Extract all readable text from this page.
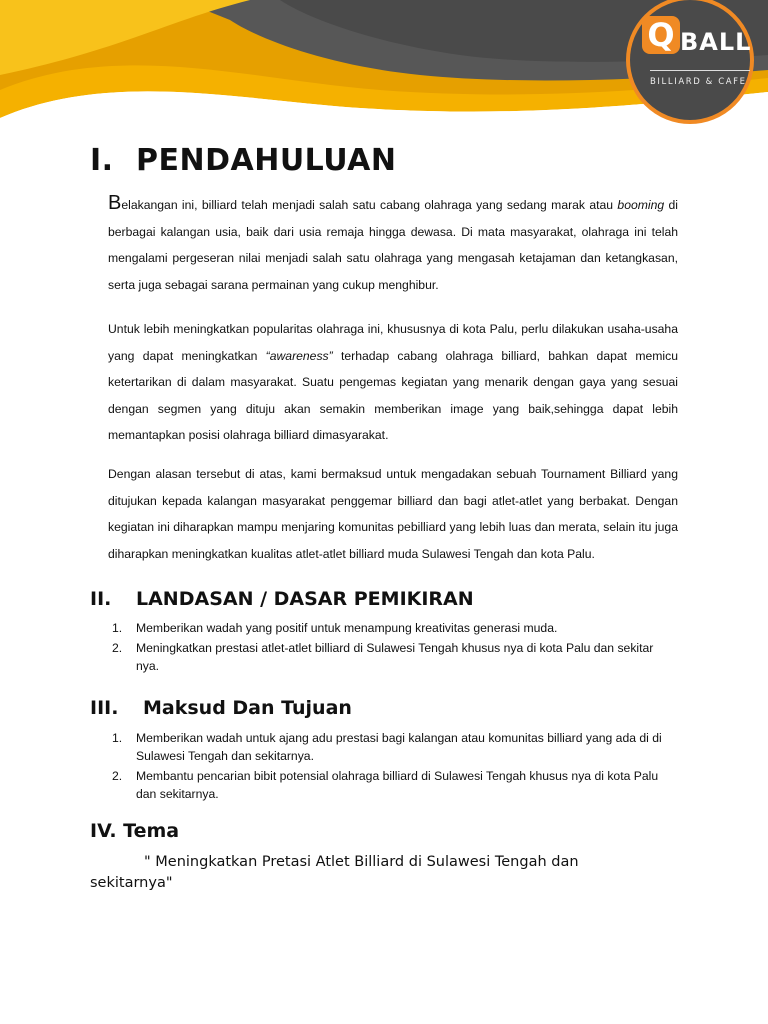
Q BALL
BILLIARD & CAFE
I. PENDAHULUAN
Belakangan ini, billiard telah menjadi salah satu cabang olahraga yang sedang marak atau booming di berbagai kalangan usia, baik dari usia remaja hingga dewasa. Di mata masyarakat, olahraga ini telah mengalami pergeseran nilai menjadi salah satu olahraga yang mengasah ketajaman dan ketangkasan, serta juga sebagai sarana permainan yang cukup menghibur.
Untuk lebih meningkatkan popularitas olahraga ini, khususnya di kota Palu, perlu dilakukan usaha-usaha yang dapat meningkatkan “awareness” terhadap cabang olahraga billiard, bahkan dapat memicu ketertarikan di dalam masyarakat. Suatu pengemas kegiatan yang menarik dengan gaya yang sesuai dengan segmen yang dituju akan semakin memberikan image yang baik,sehingga dapat lebih memantapkan posisi olahraga billiard dimasyarakat.
Dengan alasan tersebut di atas, kami bermaksud untuk mengadakan sebuah Tournament Billiard yang ditujukan kepada kalangan masyarakat penggemar billiard dan bagi atlet-atlet yang berbakat. Dengan kegiatan ini diharapkan mampu menjaring komunitas pebilliard yang lebih luas dan merata, selain itu juga diharapkan meningkatkan kualitas atlet-atlet billiard muda Sulawesi Tengah dan kota Palu.
II. LANDASAN / DASAR PEMIKIRAN
1. Memberikan wadah yang positif untuk menampung kreativitas generasi muda.
2. Meningkatkan prestasi atlet-atlet billiard di Sulawesi Tengah khusus nya di kota Palu dan sekitar nya.
III. Maksud Dan Tujuan
1. Memberikan wadah untuk ajang adu prestasi bagi kalangan atau komunitas billiard yang ada di di Sulawesi Tengah dan sekitarnya.
2. Membantu pencarian bibit potensial olahraga billiard di Sulawesi Tengah khusus nya di kota Palu dan sekitarnya.
IV. Tema
" Meningkatkan Pretasi Atlet Billiard di Sulawesi Tengah dan sekitarnya"
